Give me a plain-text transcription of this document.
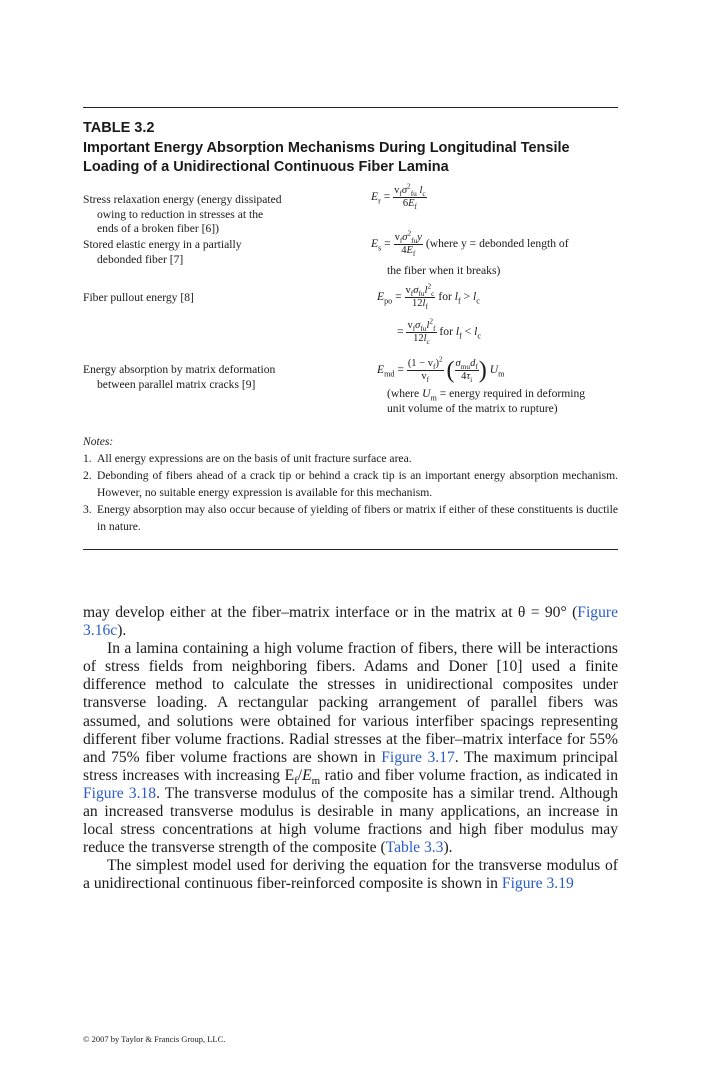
TABLE 3.2
Important Energy Absorption Mechanisms During Longitudinal Tensile Loading of a Unidirectional Continuous Fiber Lamina
Stress relaxation energy (energy dissipated
owing to reduction in stresses at the
ends of a broken fiber [6])
$E_r = \frac{v_f\sigma^2_{fu} l_c}{6E_f}$
Stored elastic energy in a partially
debonded fiber [7]
$E_s = \frac{v_f\sigma^2_{fu}y}{4E_f}$ (where y = debonded length of
the fiber when it breaks)
Fiber pullout energy [8]	$E_{po} = \frac{v_f\sigma_{fu}l^2_c}{12l_f}$ for $l_f > l_c$
= $\frac{v_f\sigma_{fu}l^2_f}{12l_c}$ for $l_f < l_c$
Energy absorption by matrix deformation
between parallel matrix cracks [9]
$E_{md} = \frac{(1 - v_f)^2}{v_f}$ ( $\frac{\sigma_{mu}d_f}{4\tau_i}$ ) $U_m$
(where $U_m$ = energy required in deforming
unit volume of the matrix to rupture)
Notes:
1. All energy expressions are on the basis of unit fracture surface area.
2. Debonding of fibers ahead of a crack tip or behind a crack tip is an important energy absorption mechanism. However, no suitable energy expression is available for this mechanism.
3. Energy absorption may also occur because of yielding of fibers or matrix if either of these constituents is ductile in nature.

may develop either at the fiber–matrix interface or in the matrix at θ = 90° (Figure 3.16c).

In a lamina containing a high volume fraction of fibers, there will be interactions of stress fields from neighboring fibers. Adams and Doner [10] used a finite difference method to calculate the stresses in unidirectional composites under transverse loading. A rectangular packing arrangement of parallel fibers was assumed, and solutions were obtained for various interfiber spacings representing different fiber volume fractions. Radial stresses at the fiber–matrix interface for 55% and 75% fiber volume fractions are shown in Figure 3.17. The maximum principal stress increases with increasing $E_f/E_m$ ratio and fiber volume fraction, as indicated in Figure 3.18. The transverse modulus of the composite has a similar trend. Although an increased transverse modulus is desirable in many applications, an increase in local stress concentrations at high volume fractions and high fiber modulus may reduce the transverse strength of the composite (Table 3.3).

The simplest model used for deriving the equation for the transverse modulus of a unidirectional continuous fiber-reinforced composite is shown in Figure 3.19

© 2007 by Taylor & Francis Group, LLC.
